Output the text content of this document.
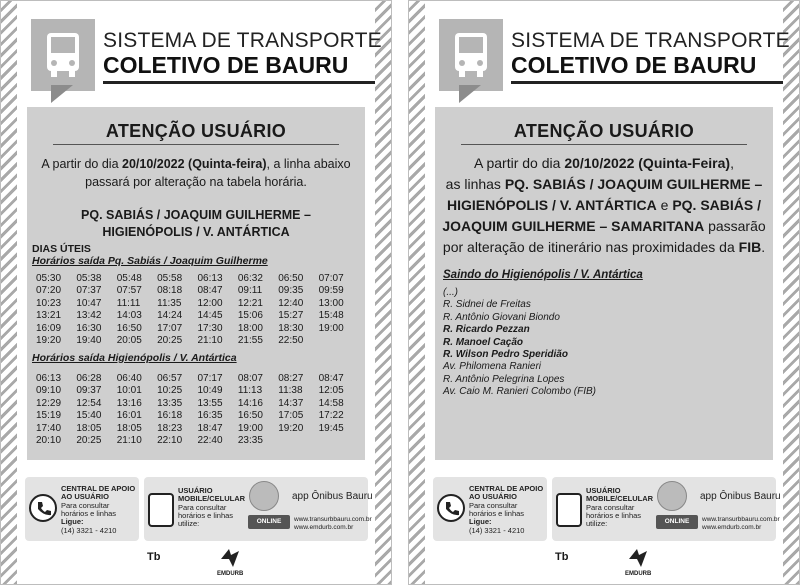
SISTEMA DE TRANSPORTE
COLETIVO DE BAURU
ATENÇÃO USUÁRIO
A partir do dia 20/10/2022 (Quinta-feira), a linha abaixo passará por alteração na tabela horária.
PQ. SABIÁS / JOAQUIM GUILHERME –
HIGIENÓPOLIS / V. ANTÁRTICA
DIAS ÚTEIS
Horários saída Pq. Sabiás / Joaquim Guilherme
05:30	05:38	05:48	05:58	06:13	06:32	06:50	07:07
07:20	07:37	07:57	08:18	08:47	09:11	09:35	09:59
10:23	10:47	11:11	11:35	12:00	12:21	12:40	13:00
13:21	13:42	14:03	14:24	14:45	15:06	15:27	15:48
16:09	16:30	16:50	17:07	17:30	18:00	18:30	19:00
19:20	19:40	20:05	20:25	21:10	21:55	22:50
Horários saída Higienópolis / V. Antártica
06:13	06:28	06:40	06:57	07:17	08:07	08:27	08:47
09:10	09:37	10:01	10:25	10:49	11:13	11:38	12:05
12:29	12:54	13:16	13:35	13:55	14:16	14:37	14:58
15:19	15:40	16:01	16:18	16:35	16:50	17:05	17:22
17:40	18:05	18:05	18:23	18:47	19:00	19:20	19:45
20:10	20:25	21:10	22:10	22:40	23:35
CENTRAL DE APOIO
AO USUÁRIO
Para consultar
horários e linhas
Ligue:
(14) 3321 - 4210
USUÁRIO
MOBILE/CELULAR
Para consultar
horários e linhas
utilize:
app Ônibus Bauru
ONLINE	www.transurbbauru.com.br
www.emdurb.com.br
Tb
EMDURB
SISTEMA DE TRANSPORTE
COLETIVO DE BAURU
ATENÇÃO USUÁRIO
A partir do dia 20/10/2022 (Quinta-Feira),
as linhas PQ. SABIÁS / JOAQUIM GUILHERME – HIGIENÓPOLIS / V. ANTÁRTICA e PQ. SABIÁS / JOAQUIM GUILHERME – SAMARITANA passarão por alteração de itinerário nas proximidades da FIB.
Saindo do Higienópolis / V. Antártica
(...)
R. Sidnei de Freitas
R. Antônio Giovani Biondo
R. Ricardo Pezzan
R. Manoel Cação
R. Wilson Pedro Speridião
Av. Philomena Ranieri
R. Antônio Pelegrina Lopes
Av. Caio M. Ranieri Colombo (FIB)
CENTRAL DE APOIO
AO USUÁRIO
Para consultar
horários e linhas
Ligue:
(14) 3321 - 4210
USUÁRIO
MOBILE/CELULAR
Para consultar
horários e linhas
utilize:
app Ônibus Bauru
ONLINE	www.transurbbauru.com.br
www.emdurb.com.br
Tb
EMDURB
